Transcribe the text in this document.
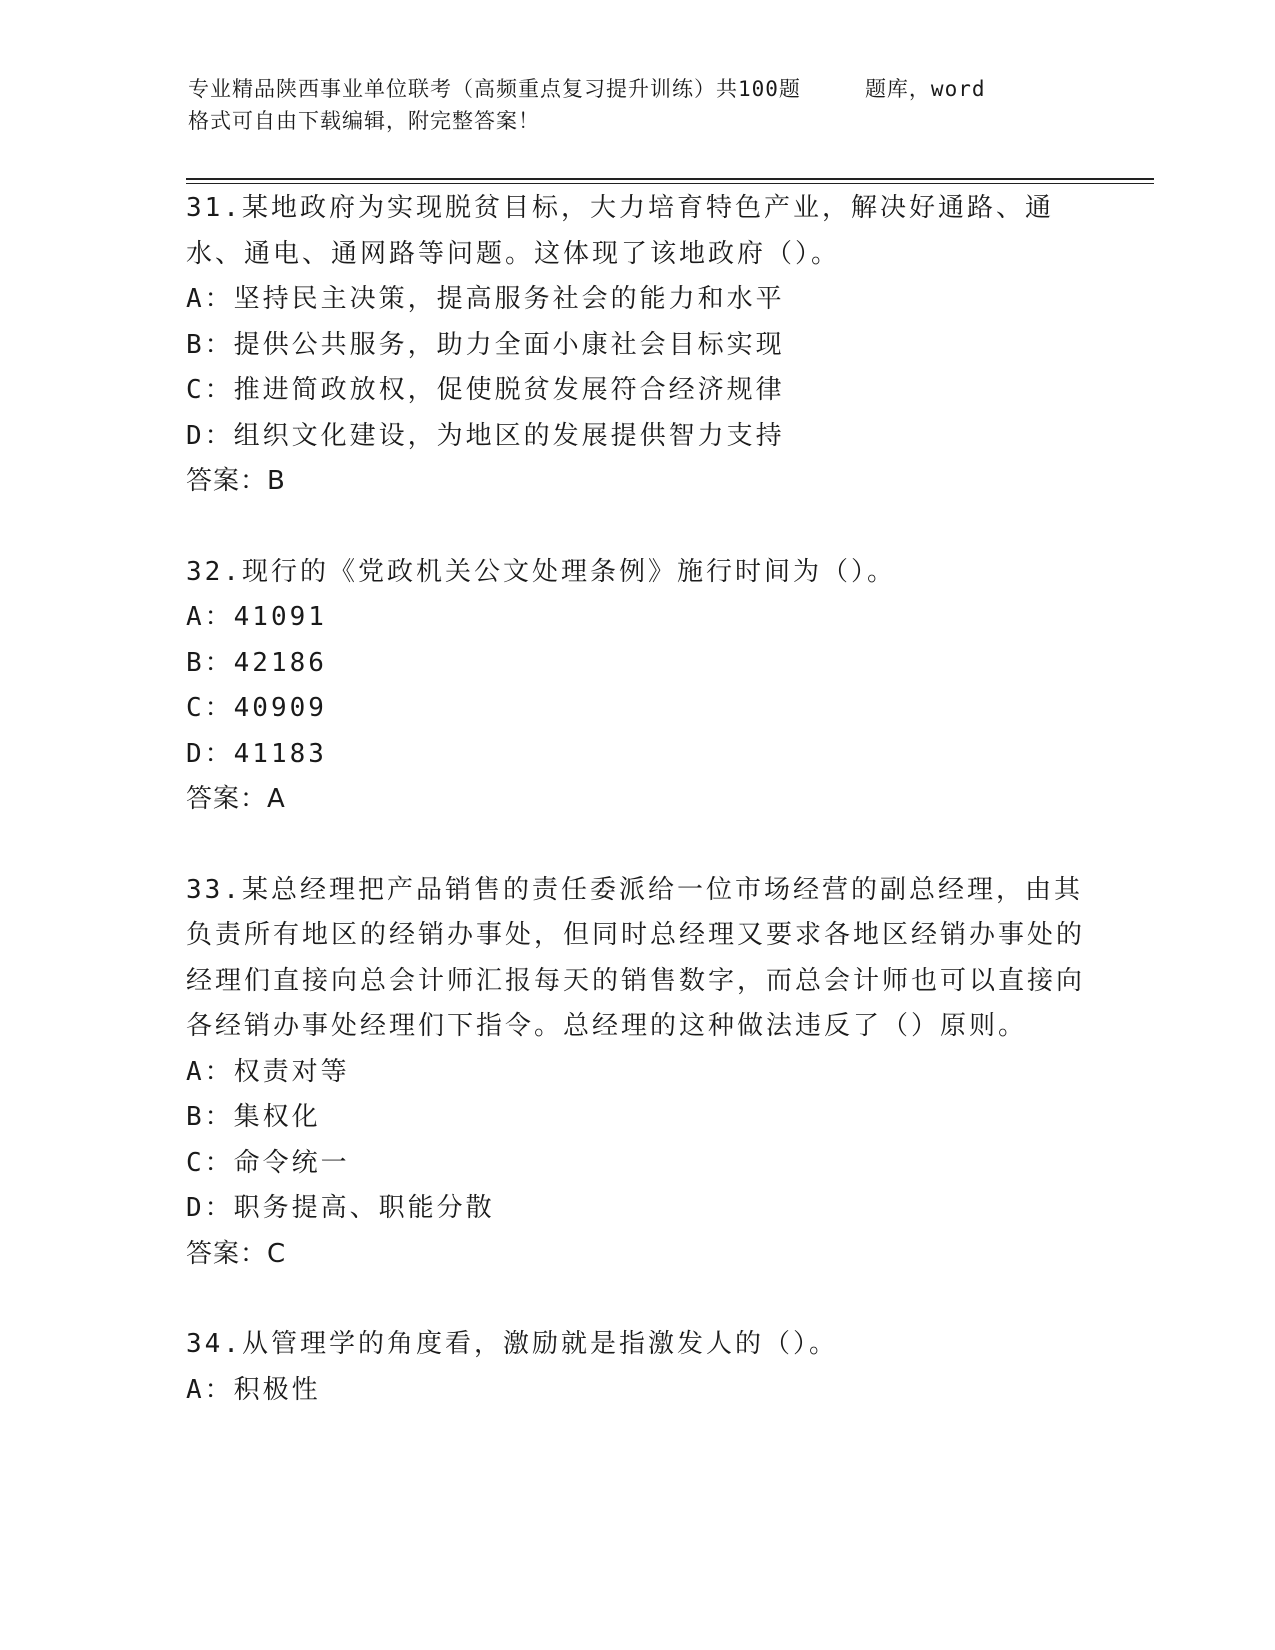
专业精品陕西事业单位联考（高频重点复习提升训练）共100题	题库，word
格式可自由下载编辑，附完整答案！

31.某地政府为实现脱贫目标，大力培育特色产业，解决好通路、通水、通电、通网路等问题。这体现了该地政府（）。

A：坚持民主决策，提高服务社会的能力和水平

B：提供公共服务，助力全面小康社会目标实现

C：推进简政放权，促使脱贫发展符合经济规律

D：组织文化建设，为地区的发展提供智力支持

答案：B

32.现行的《党政机关公文处理条例》施行时间为（）。

A：41091

B：42186

C：40909

D：41183

答案：A

33.某总经理把产品销售的责任委派给一位市场经营的副总经理，由其负责所有地区的经销办事处，但同时总经理又要求各地区经销办事处的经理们直接向总会计师汇报每天的销售数字，而总会计师也可以直接向各经销办事处经理们下指令。总经理的这种做法违反了（）原则。

A：权责对等

B：集权化

C：命令统一

D：职务提高、职能分散

答案：C

34.从管理学的角度看，激励就是指激发人的（）。

A：积极性
